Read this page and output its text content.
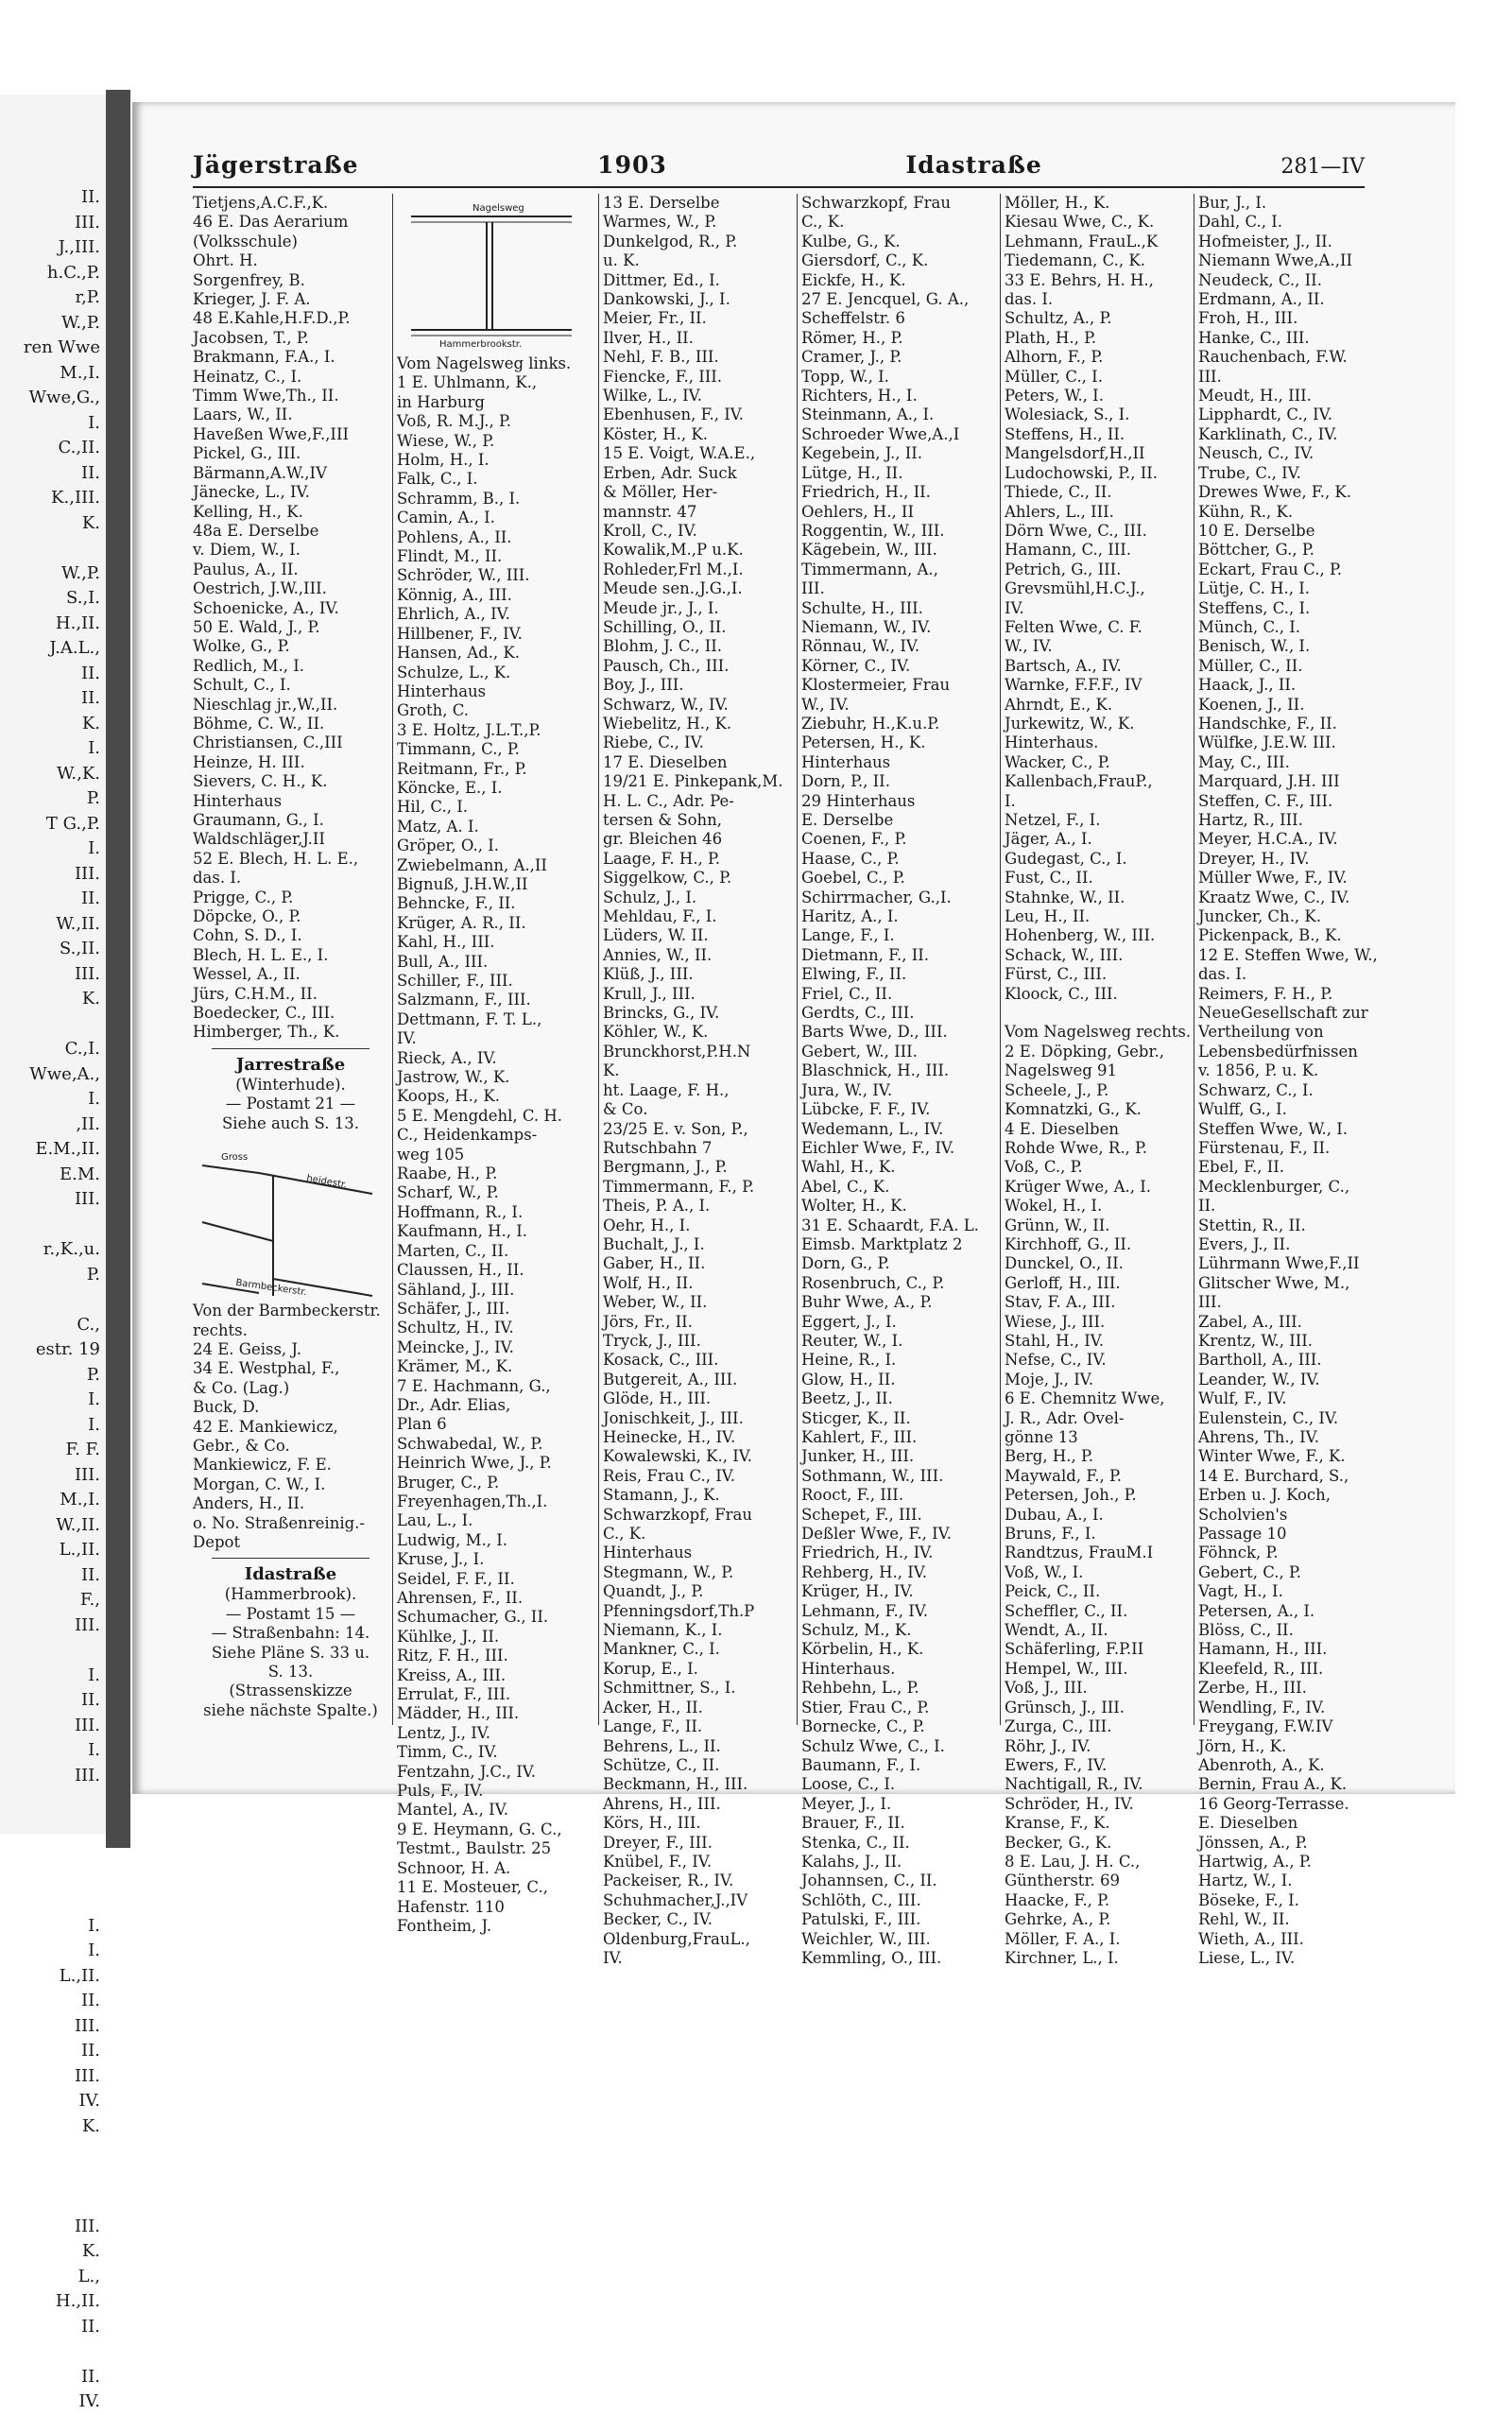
II.
III.
J.,III.
h.C.,P.
r,P.
W.,P.
ren Wwe
M.,I.
Wwe,G.,
I.
C.,II.
II.
K.,III.
K.

W.,P.
S.,I.
H.,II.
J.A.L.,
II.
II.
K.
I.
W.,K.
P.
T G.,P.
I.
III.
II.
W.,II.
S.,II.
III.
K.

C.,I.
Wwe,A.,
I.
,II.
E.M.,II.
E.M.
III.

r.,K.,u.
P.

C.,
estr. 19
P.
I.
I.
F. F.
III.
M.,I.
W.,II.
L.,II.
II.
F.,
III.

I.
II.
III.
I.
III.

I.
I.
L.,II.
II.
III.
II.
III.
IV.
K.

III.
K.
L.,
H.,II.
II.

II.
IV.
Jägerstraße	1903	Idastraße	281—IV
Tietjens,A.C.F.,K.
46 E. Das Aerarium
(Volksschule)
Ohrt. H.
Sorgenfrey, B.
Krieger, J. F. A.
48 E.Kahle,H.F.D.,P.
Jacobsen, T., P.
Brakmann, F.A., I.
Heinatz, C., I.
Timm Wwe,Th., II.
Laars, W., II.
Haveßen Wwe,F.,III
Pickel, G., III.
Bärmann,A.W.,IV
Jänecke, L., IV.
Kelling, H., K.
48a E. Derselbe
v. Diem, W., I.
Paulus, A., II.
Oestrich, J.W.,III.
Schoenicke, A., IV.
50 E. Wald, J., P.
Wolke, G., P.
Redlich, M., I.
Schult, C., I.
Nieschlag jr.,W.,II.
Böhme, C. W., II.
Christiansen, C.,III
Heinze, H. III.
Sievers, C. H., K.
Hinterhaus
Graumann, G., I.
Waldschläger,J.II
52 E. Blech, H. L. E.,
das. I.
Prigge, C., P.
Döpcke, O., P.
Cohn, S. D., I.
Blech, H. L. E., I.
Wessel, A., II.
Jürs, C.H.M., II.
Boedecker, C., III.
Himberger, Th., K.
Jarrestraße
(Winterhude).
— Postamt 21 —
Siehe auch S. 13.
Gross
heidestr.
Barmbeckerstr.
Von der Barmbeckerstr.
rechts.
24 E. Geiss, J.
34 E. Westphal, F.,
& Co. (Lag.)
Buck, D.
42 E. Mankiewicz,
Gebr., & Co.
Mankiewicz, F. E.
Morgan, C. W., I.
Anders, H., II.
o. No. Straßenreinig.-
Depot
Idastraße
(Hammerbrook).
— Postamt 15 —
— Straßenbahn: 14.
Siehe Pläne S. 33 u.
S. 13.
(Strassenskizze
siehe nächste Spalte.)
Nagelsweg
Hammerbrookstr.
Vom Nagelsweg links.
1 E. Uhlmann, K.,
in Harburg
Voß, R. M.J., P.
Wiese, W., P.
Holm, H., I.
Falk, C., I.
Schramm, B., I.
Camin, A., I.
Pohlens, A., II.
Flindt, M., II.
Schröder, W., III.
Könnig, A., III.
Ehrlich, A., IV.
Hillbener, F., IV.
Hansen, Ad., K.
Schulze, L., K.
Hinterhaus
Groth, C.
3 E. Holtz, J.L.T.,P.
Timmann, C., P.
Reitmann, Fr., P.
Köncke, E., I.
Hil, C., I.
Matz, A. I.
Gröper, O., I.
Zwiebelmann, A.,II
Bignuß, J.H.W.,II
Behncke, F., II.
Krüger, A. R., II.
Kahl, H., III.
Bull, A., III.
Schiller, F., III.
Salzmann, F., III.
Dettmann, F. T. L.,
IV.
Rieck, A., IV.
Jastrow, W., K.
Koops, H., K.
5 E. Mengdehl, C. H.
C., Heidenkamps-
weg 105
Raabe, H., P.
Scharf, W., P.
Hoffmann, R., I.
Kaufmann, H., I.
Marten, C., II.
Claussen, H., II.
Sähland, J., III.
Schäfer, J., III.
Schultz, H., IV.
Meincke, J., IV.
Krämer, M., K.
7 E. Hachmann, G.,
Dr., Adr. Elias,
Plan 6
Schwabedal, W., P.
Heinrich Wwe, J., P.
Bruger, C., P.
Freyenhagen,Th.,I.
Lau, L., I.
Ludwig, M., I.
Kruse, J., I.
Seidel, F. F., II.
Ahrensen, F., II.
Schumacher, G., II.
Kühlke, J., II.
Ritz, F. H., III.
Kreiss, A., III.
Errulat, F., III.
Mädder, H., III.
Lentz, J., IV.
Timm, C., IV.
Fentzahn, J.C., IV.
Puls, F., IV.
Mantel, A., IV.
9 E. Heymann, G. C.,
Testmt., Baulstr. 25
Schnoor, H. A.
11 E. Mosteuer, C.,
Hafenstr. 110
Fontheim, J.
13 E. Derselbe
Warmes, W., P.
Dunkelgod, R., P.
u. K.
Dittmer, Ed., I.
Dankowski, J., I.
Meier, Fr., II.
Ilver, H., II.
Nehl, F. B., III.
Fiencke, F., III.
Wilke, L., IV.
Ebenhusen, F., IV.
Köster, H., K.
15 E. Voigt, W.A.E.,
Erben, Adr. Suck
& Möller, Her-
mannstr. 47
Kroll, C., IV.
Kowalik,M.,P u.K.
Rohleder,Frl M.,I.
Meude sen.,J.G.,I.
Meude jr., J., I.
Schilling, O., II.
Blohm, J. C., II.
Pausch, Ch., III.
Boy, J., III.
Schwarz, W., IV.
Wiebelitz, H., K.
Riebe, C., IV.
17 E. Dieselben
19/21 E. Pinkepank,M.
H. L. C., Adr. Pe-
tersen & Sohn,
gr. Bleichen 46
Laage, F. H., P.
Siggelkow, C., P.
Schulz, J., I.
Mehldau, F., I.
Lüders, W. II.
Annies, W., II.
Klüß, J., III.
Krull, J., III.
Brincks, G., IV.
Köhler, W., K.
Brunckhorst,P.H.N
K.
ht. Laage, F. H.,
& Co.
23/25 E. v. Son, P.,
Rutschbahn 7
Bergmann, J., P.
Timmermann, F., P.
Theis, P. A., I.
Oehr, H., I.
Buchalt, J., I.
Gaber, H., II.
Wolf, H., II.
Weber, W., II.
Jörs, Fr., II.
Tryck, J., III.
Kosack, C., III.
Butgereit, A., III.
Glöde, H., III.
Jonischkeit, J., III.
Heinecke, H., IV.
Kowalewski, K., IV.
Reis, Frau C., IV.
Stamann, J., K.
Schwarzkopf, Frau
C., K.
Hinterhaus
Stegmann, W., P.
Quandt, J., P.
Pfenningsdorf,Th.P
Niemann, K., I.
Mankner, C., I.
Korup, E., I.
Schmittner, S., I.
Acker, H., II.
Lange, F., II.
Behrens, L., II.
Schütze, C., II.
Beckmann, H., III.
Ahrens, H., III.
Körs, H., III.
Dreyer, F., III.
Knübel, F., IV.
Packeiser, R., IV.
Schuhmacher,J.,IV
Becker, C., IV.
Oldenburg,FrauL.,
IV.
Schwarzkopf, Frau
C., K.
Kulbe, G., K.
Giersdorf, C., K.
Eickfe, H., K.
27 E. Jencquel, G. A.,
Scheffelstr. 6
Römer, H., P.
Cramer, J., P.
Topp, W., I.
Richters, H., I.
Steinmann, A., I.
Schroeder Wwe,A.,I
Kegebein, J., II.
Lütge, H., II.
Friedrich, H., II.
Oehlers, H., II
Roggentin, W., III.
Kägebein, W., III.
Timmermann, A.,
III.
Schulte, H., III.
Niemann, W., IV.
Rönnau, W., IV.
Körner, C., IV.
Klostermeier, Frau
W., IV.
Ziebuhr, H.,K.u.P.
Petersen, H., K.
Hinterhaus
Dorn, P., II.
29 Hinterhaus
E. Derselbe
Coenen, F., P.
Haase, C., P.
Goebel, C., P.
Schirrmacher, G.,I.
Haritz, A., I.
Lange, F., I.
Dietmann, F., II.
Elwing, F., II.
Friel, C., II.
Gerdts, C., III.
Barts Wwe, D., III.
Gebert, W., III.
Blaschnick, H., III.
Jura, W., IV.
Lübcke, F. F., IV.
Wedemann, L., IV.
Eichler Wwe, F., IV.
Wahl, H., K.
Abel, C., K.
Wolter, H., K.
31 E. Schaardt, F.A. L.
Eimsb. Marktplatz 2
Dorn, G., P.
Rosenbruch, C., P.
Buhr Wwe, A., P.
Eggert, J., I.
Reuter, W., I.
Heine, R., I.
Glow, H., II.
Beetz, J., II.
Sticger, K., II.
Kahlert, F., III.
Junker, H., III.
Sothmann, W., III.
Rooct, F., III.
Schepet, F., III.
Deßler Wwe, F., IV.
Friedrich, H., IV.
Rehberg, H., IV.
Krüger, H., IV.
Lehmann, F., IV.
Schulz, M., K.
Körbelin, H., K.
Hinterhaus.
Rehbehn, L., P.
Stier, Frau C., P.
Bornecke, C., P.
Schulz Wwe, C., I.
Baumann, F., I.
Loose, C., I.
Meyer, J., I.
Brauer, F., II.
Stenka, C., II.
Kalahs, J., II.
Johannsen, C., II.
Schlöth, C., III.
Patulski, F., III.
Weichler, W., III.
Kemmling, O., III.
Möller, H., K.
Kiesau Wwe, C., K.
Lehmann, FrauL.,K
Tiedemann, C., K.
33 E. Behrs, H. H.,
das. I.
Schultz, A., P.
Plath, H., P.
Alhorn, F., P.
Müller, C., I.
Peters, W., I.
Wolesiack, S., I.
Steffens, H., II.
Mangelsdorf,H.,II
Ludochowski, P., II.
Thiede, C., II.
Ahlers, L., III.
Dörn Wwe, C., III.
Hamann, C., III.
Petrich, G., III.
Grevsmühl,H.C.J.,
IV.
Felten Wwe, C. F.
W., IV.
Bartsch, A., IV.
Warnke, F.F.F., IV
Ahrndt, E., K.
Jurkewitz, W., K.
Hinterhaus.
Wacker, C., P.
Kallenbach,FrauP.,
I.
Netzel, F., I.
Jäger, A., I.
Gudegast, C., I.
Fust, C., II.
Stahnke, W., II.
Leu, H., II.
Hohenberg, W., III.
Schack, W., III.
Fürst, C., III.
Kloock, C., III.

Vom Nagelsweg rechts.
2 E. Döpking, Gebr.,
Nagelsweg 91
Scheele, J., P.
Komnatzki, G., K.
4 E. Dieselben
Rohde Wwe, R., P.
Voß, C., P.
Krüger Wwe, A., I.
Wokel, H., I.
Grünn, W., II.
Kirchhoff, G., II.
Dunckel, O., II.
Gerloff, H., III.
Stav, F. A., III.
Wiese, J., III.
Stahl, H., IV.
Nefse, C., IV.
Moje, J., IV.
6 E. Chemnitz Wwe,
J. R., Adr. Ovel-
gönne 13
Berg, H., P.
Maywald, F., P.
Petersen, Joh., P.
Dubau, A., I.
Bruns, F., I.
Randtzus, FrauM.I
Voß, W., I.
Peick, C., II.
Scheffler, C., II.
Wendt, A., II.
Schäferling, F.P.II
Hempel, W., III.
Voß, J., III.
Grünsch, J., III.
Zurga, C., III.
Röhr, J., IV.
Ewers, F., IV.
Nachtigall, R., IV.
Schröder, H., IV.
Kranse, F., K.
Becker, G., K.
8 E. Lau, J. H. C.,
Güntherstr. 69
Haacke, F., P.
Gehrke, A., P.
Möller, F. A., I.
Kirchner, L., I.
Bur, J., I.
Dahl, C., I.
Hofmeister, J., II.
Niemann Wwe,A.,II
Neudeck, C., II.
Erdmann, A., II.
Froh, H., III.
Hanke, C., III.
Rauchenbach, F.W.
III.
Meudt, H., III.
Lipphardt, C., IV.
Karklinath, C., IV.
Neusch, C., IV.
Trube, C., IV.
Drewes Wwe, F., K.
Kühn, R., K.
10 E. Derselbe
Böttcher, G., P.
Eckart, Frau C., P.
Lütje, C. H., I.
Steffens, C., I.
Münch, C., I.
Benisch, W., I.
Müller, C., II.
Haack, J., II.
Koenen, J., II.
Handschke, F., II.
Wülfke, J.E.W. III.
May, C., III.
Marquard, J.H. III
Steffen, C. F., III.
Hartz, R., III.
Meyer, H.C.A., IV.
Dreyer, H., IV.
Müller Wwe, F., IV.
Kraatz Wwe, C., IV.
Juncker, Ch., K.
Pickenpack, B., K.
12 E. Steffen Wwe, W.,
das. I.
Reimers, F. H., P.
NeueGesellschaft zur
Vertheilung von
Lebensbedürfnissen
v. 1856, P. u. K.
Schwarz, C., I.
Wulff, G., I.
Steffen Wwe, W., I.
Fürstenau, F., II.
Ebel, F., II.
Mecklenburger, C.,
II.
Stettin, R., II.
Evers, J., II.
Lührmann Wwe,F.,II
Glitscher Wwe, M.,
III.
Zabel, A., III.
Krentz, W., III.
Bartholl, A., III.
Leander, W., IV.
Wulf, F., IV.
Eulenstein, C., IV.
Ahrens, Th., IV.
Winter Wwe, F., K.
14 E. Burchard, S.,
Erben u. J. Koch,
Scholvien's
Passage 10
Föhnck, P.
Gebert, C., P.
Vagt, H., I.
Petersen, A., I.
Blöss, C., II.
Hamann, H., III.
Kleefeld, R., III.
Zerbe, H., III.
Wendling, F., IV.
Freygang, F.W.IV
Jörn, H., K.
Abenroth, A., K.
Bernin, Frau A., K.
16 Georg-Terrasse.
E. Dieselben
Jönssen, A., P.
Hartwig, A., P.
Hartz, W., I.
Böseke, F., I.
Rehl, W., II.
Wieth, A., III.
Liese, L., IV.
